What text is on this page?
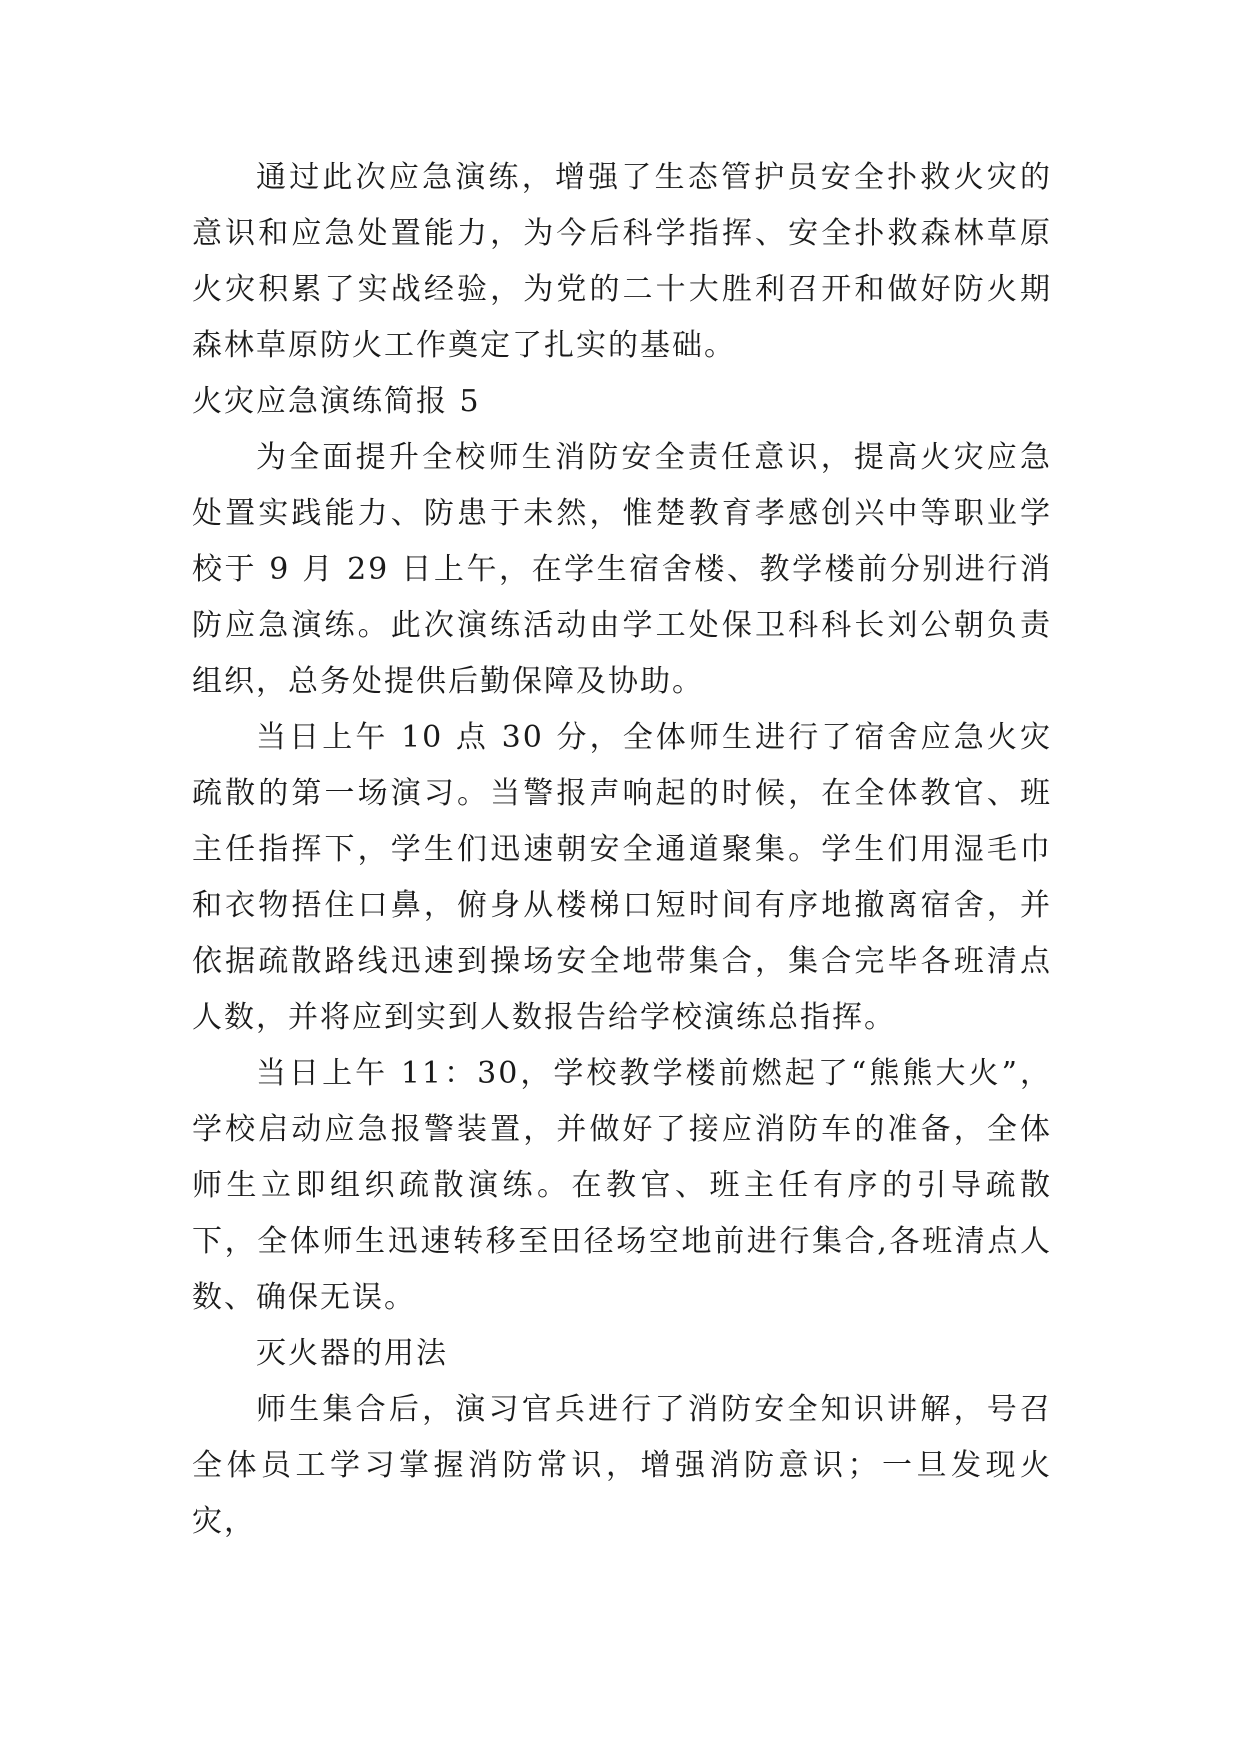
通过此次应急演练，增强了生态管护员安全扑救火灾的意识和应急处置能力，为今后科学指挥、安全扑救森林草原火灾积累了实战经验，为党的二十大胜利召开和做好防火期森林草原防火工作奠定了扎实的基础。

火灾应急演练简报 5

为全面提升全校师生消防安全责任意识，提高火灾应急处置实践能力、防患于未然，惟楚教育孝感创兴中等职业学校于 9 月 29 日上午，在学生宿舍楼、教学楼前分别进行消防应急演练。此次演练活动由学工处保卫科科长刘公朝负责组织，总务处提供后勤保障及协助。

当日上午 10 点 30 分，全体师生进行了宿舍应急火灾疏散的第一场演习。当警报声响起的时候，在全体教官、班主任指挥下，学生们迅速朝安全通道聚集。学生们用湿毛巾和衣物捂住口鼻，俯身从楼梯口短时间有序地撤离宿舍，并依据疏散路线迅速到操场安全地带集合，集合完毕各班清点人数，并将应到实到人数报告给学校演练总指挥。

当日上午 11：30，学校教学楼前燃起了“熊熊大火”，学校启动应急报警装置，并做好了接应消防车的准备，全体师生立即组织疏散演练。在教官、班主任有序的引导疏散下，全体师生迅速转移至田径场空地前进行集合,各班清点人数、确保无误。

灭火器的用法

师生集合后，演习官兵进行了消防安全知识讲解，号召全体员工学习掌握消防常识，增强消防意识；一旦发现火灾，
